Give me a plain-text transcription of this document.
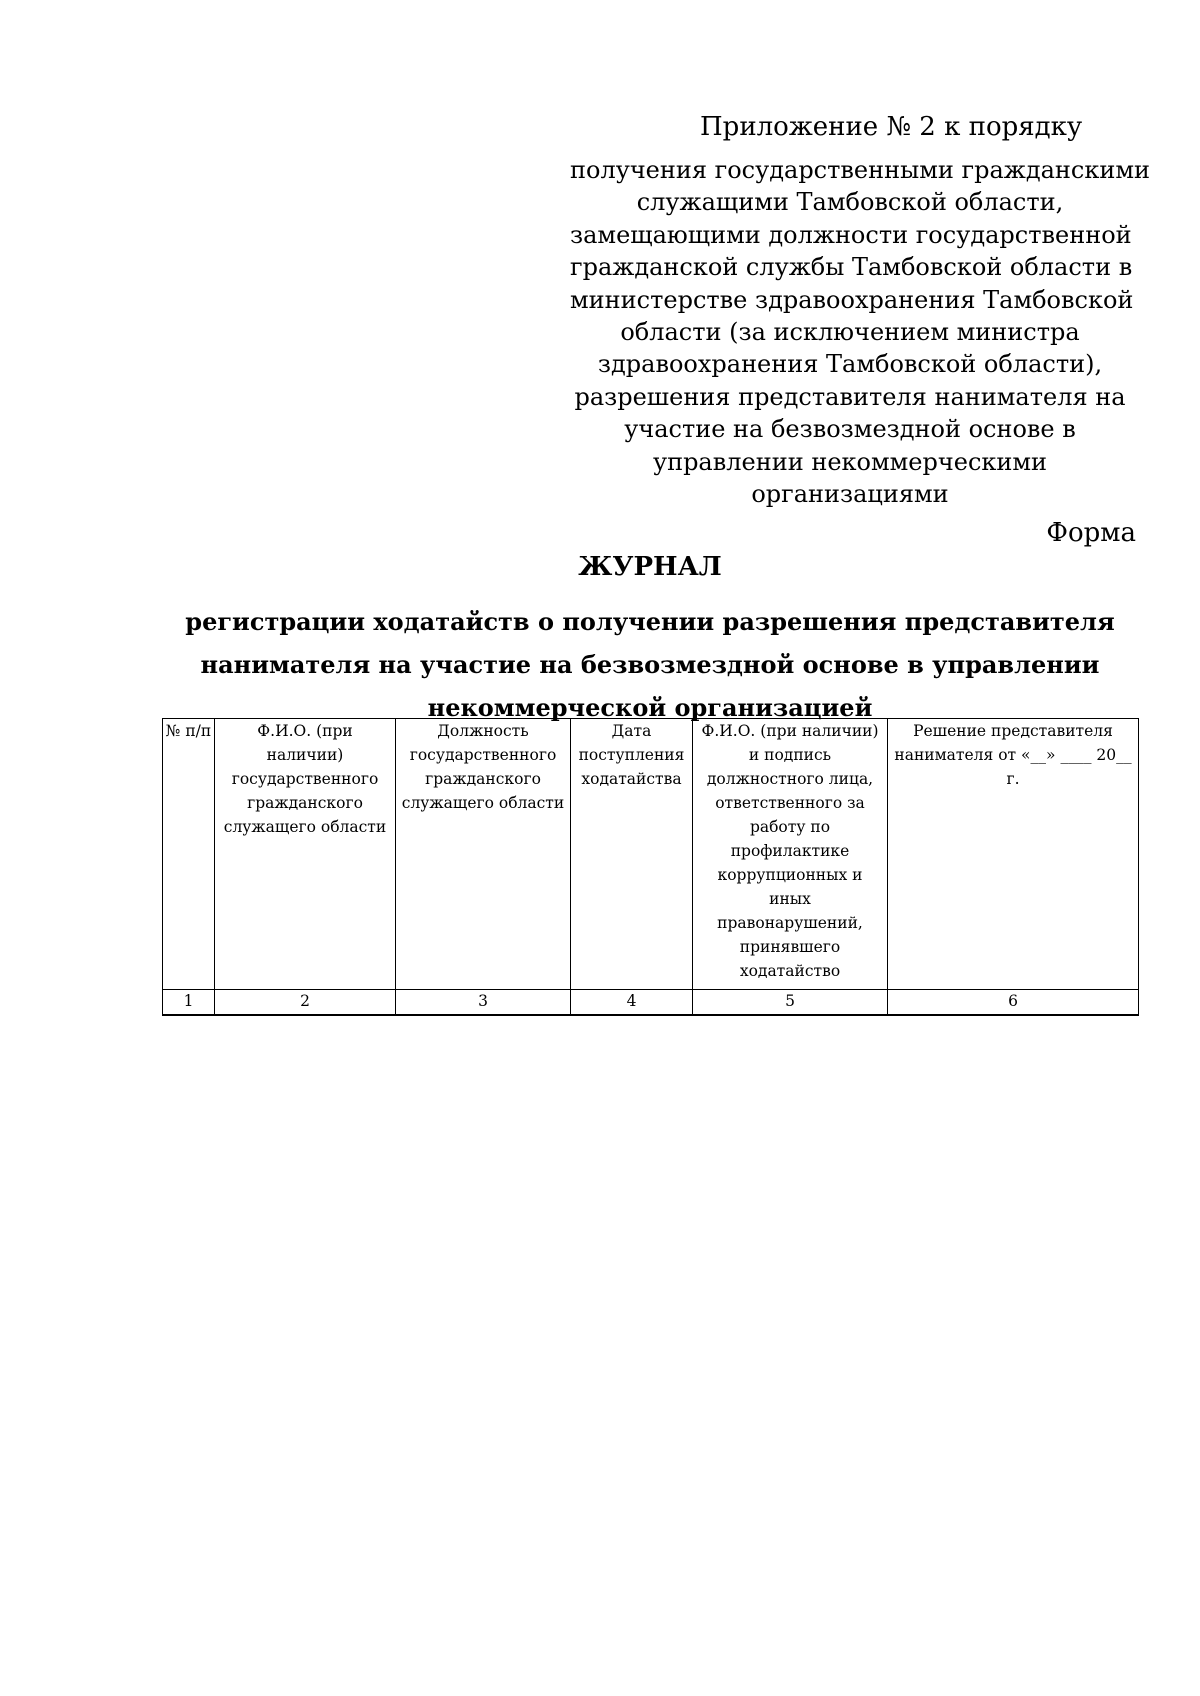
Приложение № 2 к порядку
получения государственными гражданскими
служащими Тамбовской области,
замещающими должности государственной
гражданской службы Тамбовской области в
министерстве здравоохранения Тамбовской
области (за исключением министра
здравоохранения Тамбовской области),
разрешения представителя нанимателя на
участие на безвозмездной основе в
управлении некоммерческими
организациями
Форма
ЖУРНАЛ
регистрации ходатайств о получении разрешения представителя
нанимателя на участие на безвозмездной основе в управлении
некоммерческой организацией
№ п/п	Ф.И.О. (при наличии) государственного гражданского служащего области	Должность государственного гражданского служащего области	Дата поступления ходатайства	Ф.И.О. (при наличии) и подпись должностного лица, ответственного за работу по профилактике коррупционных и иных правонарушений, принявшего ходатайство	Решение представителя нанимателя от «__» ____ 20__ г.
1	2	3	4	5	6
